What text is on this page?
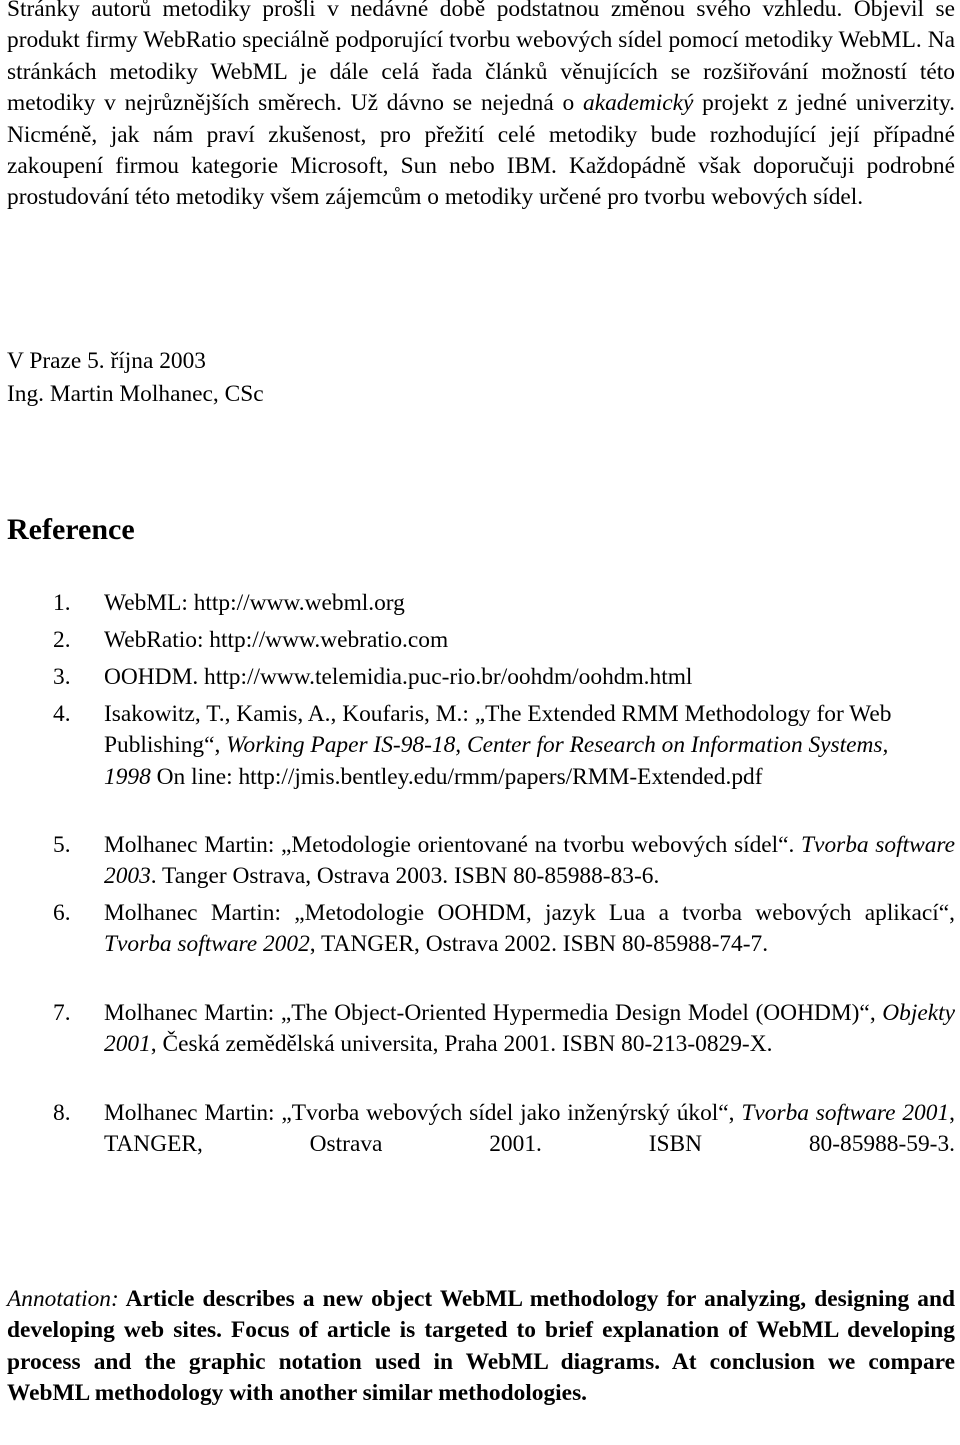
Stránky autorů metodiky prošli v nedávné době podstatnou změnou svého vzhledu. Objevil se produkt firmy WebRatio speciálně podporující tvorbu webových sídel pomocí metodiky WebML. Na stránkách metodiky WebML je dále celá řada článků věnujících se rozšiřování možností této metodiky v nejrůznějších směrech. Už dávno se nejedná o akademický projekt z jedné univerzity. Nicméně, jak nám praví zkušenost, pro přežití celé metodiky bude rozhodující její případné zakoupení firmou kategorie Microsoft, Sun nebo IBM. Každopádně však doporučuji podrobné prostudování této metodiky všem zájemcům o metodiky určené pro tvorbu webových sídel.

V Praze 5. října 2003

Ing. Martin Molhanec, CSc

Reference
1. WebML: http://www.webml.org
2. WebRatio: http://www.webratio.com
3. OOHDM. http://www.telemidia.puc-rio.br/oohdm/oohdm.html
4. Isakowitz, T., Kamis, A., Koufaris, M.: „The Extended RMM Methodology for Web Publishing“, Working Paper IS-98-18, Center for Research on Information Systems, 1998 On line: http://jmis.bentley.edu/rmm/papers/RMM-Extended.pdf
5. Molhanec Martin: „Metodologie orientované na tvorbu webových sídel“. Tvorba software 2003. Tanger Ostrava, Ostrava 2003. ISBN 80-85988-83-6.
6. Molhanec Martin: „Metodologie OOHDM, jazyk Lua a tvorba webových aplikací“, Tvorba software 2002, TANGER, Ostrava 2002. ISBN 80-85988-74-7.
7. Molhanec Martin: „The Object-Oriented Hypermedia Design Model (OOHDM)“, Objekty 2001, Česká zemědělská universita, Praha 2001. ISBN 80-213-0829-X.
8. Molhanec Martin: „Tvorba webových sídel jako inženýrský úkol“, Tvorba software 2001, TANGER, Ostrava 2001. ISBN 80-85988-59-3.

Annotation: Article describes a new object WebML methodology for analyzing, designing and developing web sites. Focus of article is targeted to brief explanation of WebML developing process and the graphic notation used in WebML diagrams. At conclusion we compare WebML methodology with another similar methodologies.
